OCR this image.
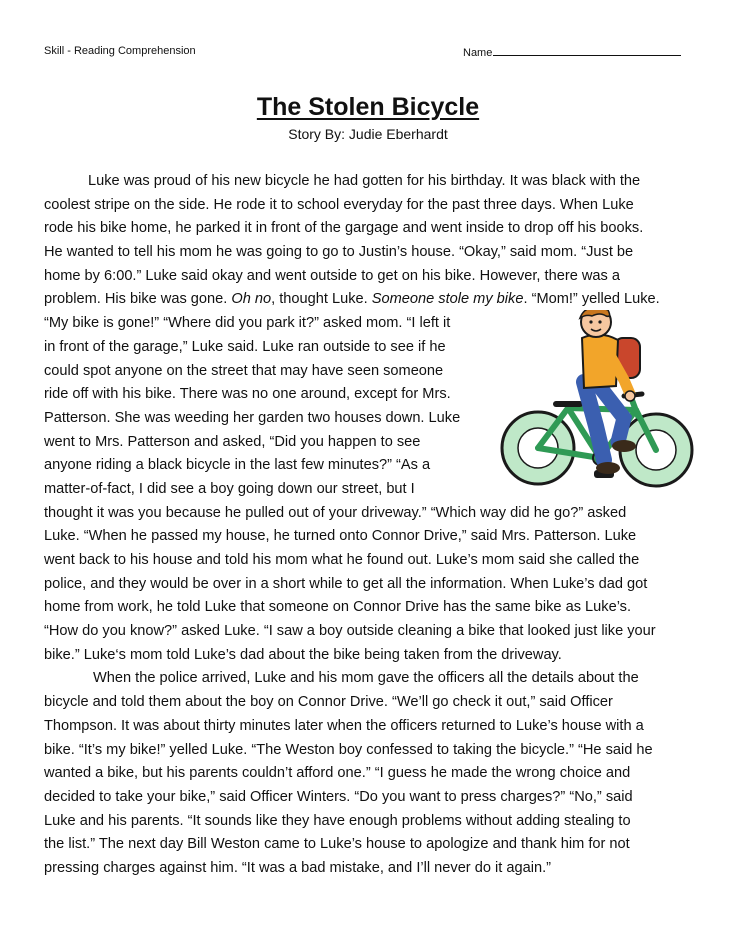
Skill - Reading Comprehension	Name
The Stolen Bicycle
Story By: Judie Eberhardt
Luke was proud of his new bicycle he had gotten for his birthday. It was black with the
coolest stripe on the side. He rode it to school everyday for the past three days. When Luke
rode his bike home, he parked it in front of the gargage and went inside to drop off his books.
He wanted to tell his mom he was going to go to Justin’s house. “Okay,” said mom. “Just be
home by 6:00.” Luke said okay and went outside to get on his bike. However, there was a
problem. His bike was gone. Oh no, thought Luke. Someone stole my bike. “Mom!” yelled Luke.
“My bike is gone!” “Where did you park it?” asked mom. “I left it
in front of the garage,” Luke said. Luke ran outside to see if he
could spot anyone on the street that may have seen someone
ride off with his bike. There was no one around, except for Mrs.
Patterson. She was weeding her garden two houses down. Luke
went to Mrs. Patterson and asked, “Did you happen to see
anyone riding a black bicycle in the last few minutes?” “As a
matter-of-fact, I did see a boy going down our street, but I
thought it was you because he pulled out of your driveway.” “Which way did he go?” asked
Luke. “When he passed my house, he turned onto Connor Drive,” said Mrs. Patterson. Luke
went back to his house and told his mom what he found out. Luke’s mom said she called the
police, and they would be over in a short while to get all the information. When Luke’s dad got
home from work, he told Luke that someone on Connor Drive has the same bike as Luke’s.
“How do you know?” asked Luke. “I saw a boy outside cleaning a bike that looked just like your
bike.” Luke‘s mom told Luke’s dad about the bike being taken from the driveway.
When the police arrived, Luke and his mom gave the officers all the details about the
bicycle and told them about the boy on Connor Drive. “We’ll go check it out,” said Officer
Thompson. It was about thirty minutes later when the officers returned to Luke’s house with a
bike. “It’s my bike!” yelled Luke. “The Weston boy confessed to taking the bicycle.” “He said he
wanted a bike, but his parents couldn’t afford one.” “I guess he made the wrong choice and
decided to take your bike,” said Officer Winters. “Do you want to press charges?” “No,” said
Luke and his parents. “It sounds like they have enough problems without adding stealing to
the list.” The next day Bill Weston came to Luke’s house to apologize and thank him for not
pressing charges against him. “It was a bad mistake, and I’ll never do it again.”
